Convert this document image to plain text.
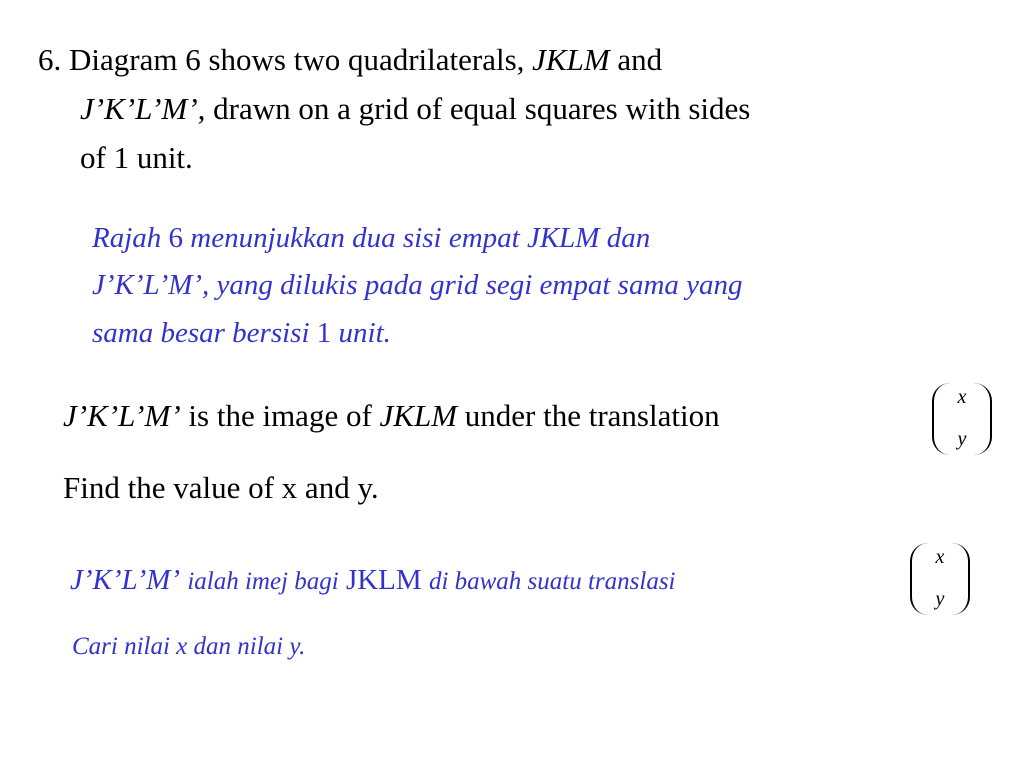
6. Diagram 6 shows two quadrilaterals, JKLM and
J’K’L’M’, drawn on a grid of equal squares with sides
of 1 unit.
Rajah 6 menunjukkan dua sisi empat JKLM dan
J’K’L’M’, yang dilukis pada grid segi empat sama yang
sama besar bersisi 1 unit.
J’K’L’M’ is the image of JKLM under the translation
x
y
Find the value of x and y.
J’K’L’M’ ialah imej bagi JKLM di bawah suatu translasi
x
y
Cari nilai x dan nilai y.
